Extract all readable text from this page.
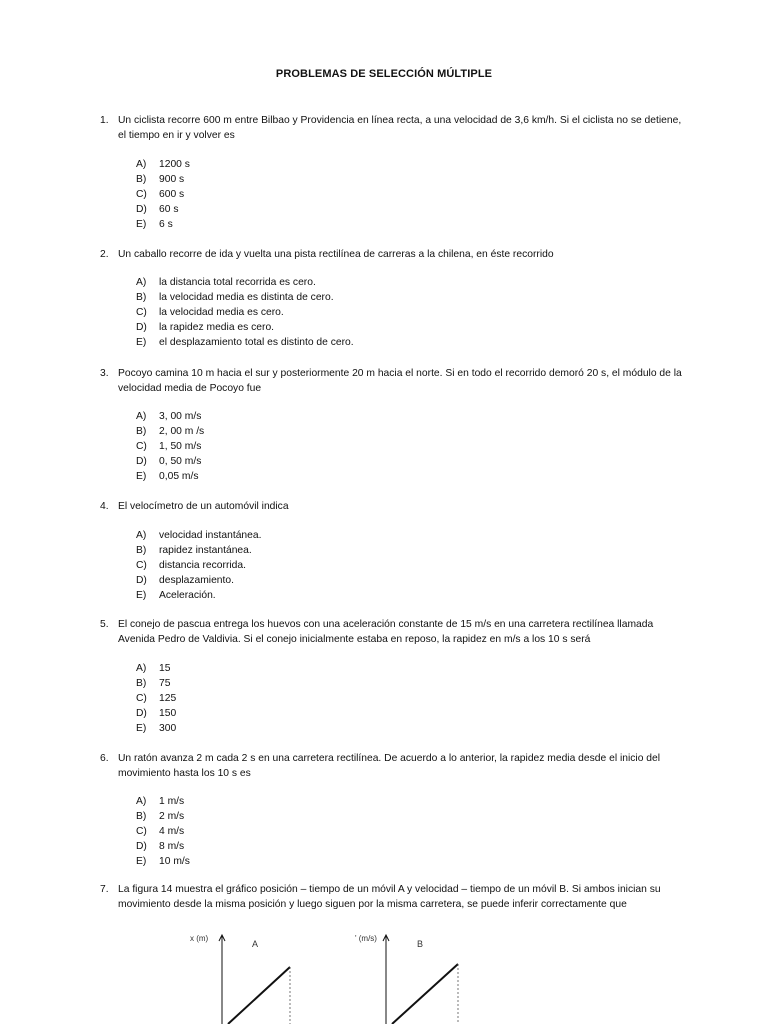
PROBLEMAS DE SELECCIÓN MÚLTIPLE
1. Un ciclista recorre 600 m entre Bilbao y Providencia en línea recta, a una velocidad de 3,6 km/h. Si el ciclista no se detiene, el tiempo en ir y volver es
A) 1200 s
B) 900 s
C) 600 s
D) 60 s
E) 6 s
2. Un caballo recorre de ida y vuelta una pista rectilínea de carreras a la chilena, en éste recorrido
A) la distancia total recorrida es cero.
B) la velocidad media es distinta de cero.
C) la velocidad media es cero.
D) la rapidez media es cero.
E) el desplazamiento total es distinto de cero.
3. Pocoyo camina 10 m hacia el sur y posteriormente 20 m hacia el norte. Si en todo el recorrido demoró 20 s, el módulo de la velocidad media de Pocoyo fue
A) 3, 00 m/s
B) 2, 00 m /s
C) 1, 50 m/s
D) 0, 50 m/s
E) 0,05 m/s
4. El velocímetro de un automóvil indica
A) velocidad instantánea.
B) rapidez instantánea.
C) distancia recorrida.
D) desplazamiento.
E) Aceleración.
5. El conejo de pascua entrega los huevos con una aceleración constante de 15 m/s en una carretera rectilínea llamada Avenida Pedro de Valdivia. Si el conejo inicialmente estaba en reposo, la rapidez en m/s a los 10 s será
A) 15
B) 75
C) 125
D) 150
E) 300
6. Un ratón avanza 2 m cada 2 s en una carretera rectilínea. De acuerdo a lo anterior, la rapidez media desde el inicio del movimiento hasta los 10 s es
A) 1 m/s
B) 2 m/s
C) 4 m/s
D) 8 m/s
E) 10 m/s
7. La figura 14 muestra el gráfico posición – tiempo de un móvil A y velocidad – tiempo de un móvil B. Si ambos inician su movimiento desde la misma posición y luego siguen por la misma carretera, se puede inferir correctamente que
x (m)
A
' (m/s)
B
